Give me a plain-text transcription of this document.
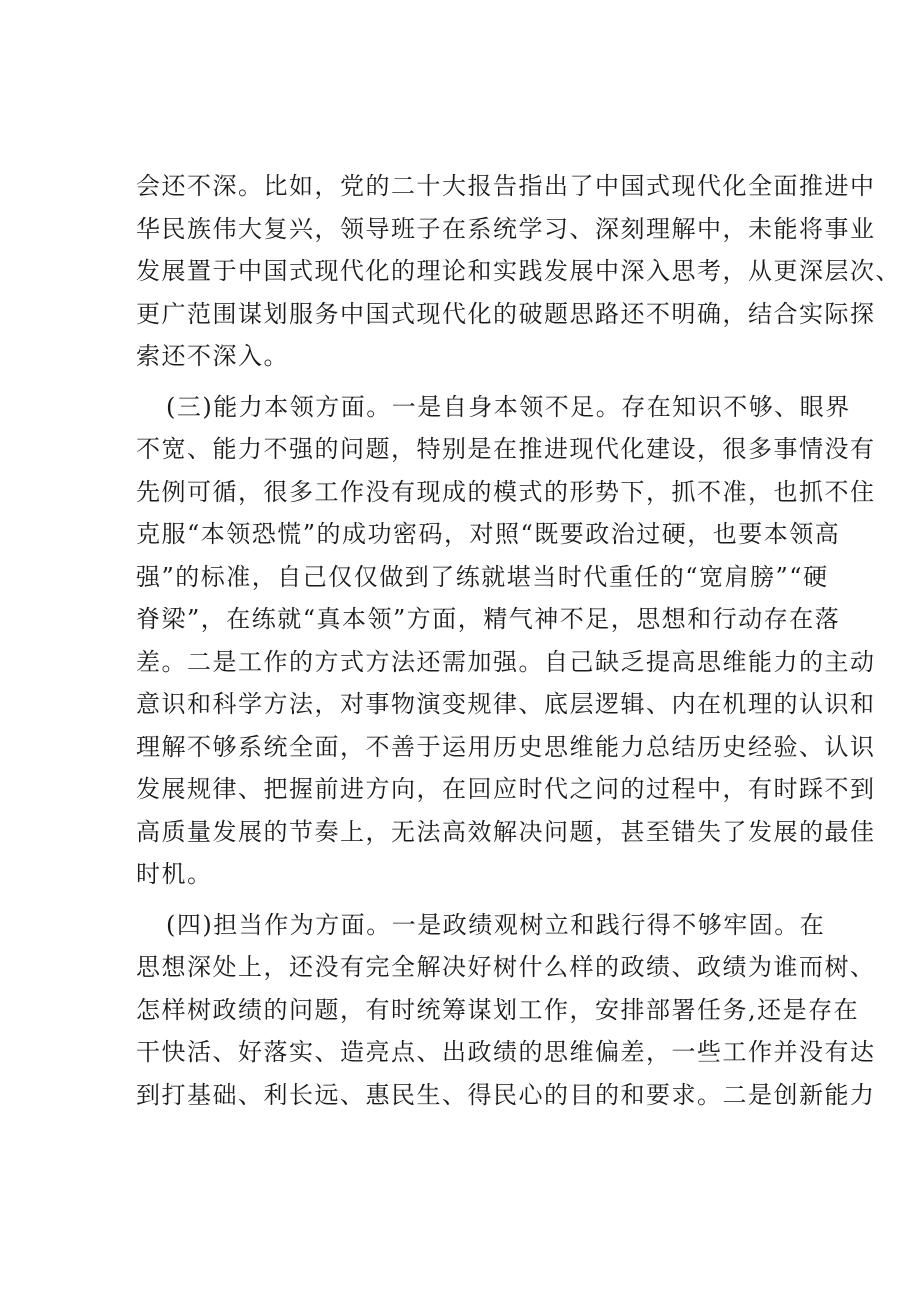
会还不深。比如，党的二十大报告指出了中国式现代化全面推进中
华民族伟大复兴，领导班子在系统学习、深刻理解中，未能将事业
发展置于中国式现代化的理论和实践发展中深入思考，从更深层次、
更广范围谋划服务中国式现代化的破题思路还不明确，结合实际探
索还不深入。

(三)能力本领方面。一是自身本领不足。存在知识不够、眼界
不宽、能力不强的问题，特别是在推进现代化建设，很多事情没有
先例可循，很多工作没有现成的模式的形势下，抓不准，也抓不住
克服“本领恐慌”的成功密码，对照“既要政治过硬，也要本领高
强”的标准，自己仅仅做到了练就堪当时代重任的“宽肩膀”“硬
脊梁”，在练就“真本领”方面，精气神不足，思想和行动存在落
差。二是工作的方式方法还需加强。自己缺乏提高思维能力的主动
意识和科学方法，对事物演变规律、底层逻辑、内在机理的认识和
理解不够系统全面，不善于运用历史思维能力总结历史经验、认识
发展规律、把握前进方向，在回应时代之问的过程中，有时踩不到
高质量发展的节奏上，无法高效解决问题，甚至错失了发展的最佳
时机。

(四)担当作为方面。一是政绩观树立和践行得不够牢固。在
思想深处上，还没有完全解决好树什么样的政绩、政绩为谁而树、
怎样树政绩的问题，有时统筹谋划工作，安排部署任务,还是存在
干快活、好落实、造亮点、出政绩的思维偏差，一些工作并没有达
到打基础、利长远、惠民生、得民心的目的和要求。二是创新能力
